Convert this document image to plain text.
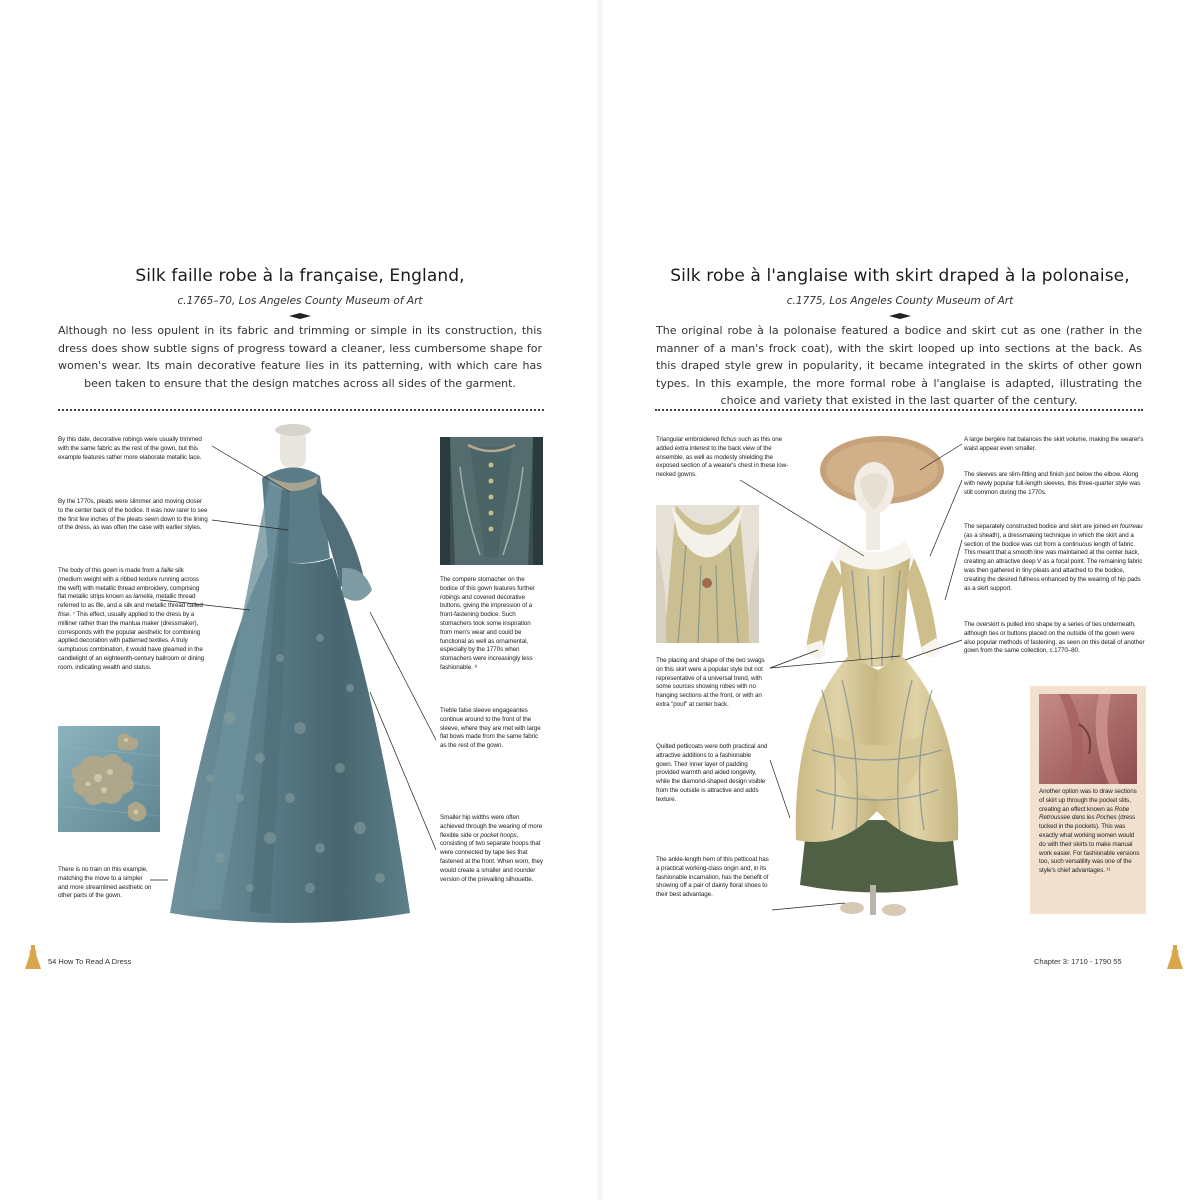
Silk faille robe à la française, England,
c.1765–70, Los Angeles County Museum of Art
Although no less opulent in its fabric and trimming or simple in its construction, this dress does show subtle signs of progress toward a cleaner, less cumbersome shape for women's wear. Its main decorative feature lies in its patterning, with which care has been taken to ensure that the design matches across all sides of the garment.
By this date, decorative robings were usually trimmed with the same fabric as the rest of the gown, but this example features rather more elaborate metallic lace.
By the 1770s, pleats were slimmer and moving closer to the center back of the bodice. It was now rarer to see the first few inches of the pleats sewn down to the lining of the dress, as was often the case with earlier styles.
The body of this gown is made from a faille silk (medium weight with a ribbed texture running across the weft) with metallic thread embroidery, comprising flat metallic strips known as lamella, metallic thread referred to as file, and a silk and metallic thread called frise. ⁷ This effect, usually applied to the dress by a milliner rather than the mantua maker (dressmaker), corresponds with the popular aesthetic for combining applied decoration with patterned textiles. A truly sumptuous combination, it would have gleamed in the candlelight of an eighteenth-century ballroom or dining room, indicating wealth and status.
There is no train on this example, matching the move to a simpler and more streamlined aesthetic on other parts of the gown.
The compere stomacher on the bodice of this gown features further robings and covered decorative buttons, giving the impression of a front-fastening bodice. Such stomachers took some inspiration from men's wear and could be functional as well as ornamental, especially by the 1770s when stomachers were increasingly less fashionable. ⁸
Treble false sleeve engageantes continue around to the front of the sleeve, where they are met with large flat bows made from the same fabric as the rest of the gown.
Smaller hip widths were often achieved through the wearing of more flexible side or pocket hoops, consisting of two separate hoops that were connected by tape ties that fastened at the front. When worn, they would create a smaller and rounder version of the prevailing silhouette.
54 How To Read A Dress
Silk robe à l'anglaise with skirt draped à la polonaise,
c.1775, Los Angeles County Museum of Art
The original robe à la polonaise featured a bodice and skirt cut as one (rather in the manner of a man's frock coat), with the skirt looped up into sections at the back. As this draped style grew in popularity, it became integrated in the skirts of other gown types. In this example, the more formal robe à l'anglaise is adapted, illustrating the choice and variety that existed in the last quarter of the century.
Triangular embroidered fichus such as this one added extra interest to the back view of the ensemble, as well as modesty shielding the exposed section of a wearer's chest in these low-necked gowns.
The placing and shape of the two swags on this skirt were a popular style but not representative of a universal trend, with some sources showing robes with no hanging sections at the front, or with an extra "pouf" at center back.
Quilted petticoats were both practical and attractive additions to a fashionable gown. Their inner layer of padding provided warmth and aided longevity, while the diamond-shaped design visible from the outside is attractive and adds texture.
The ankle-length hem of this petticoat has a practical working-class origin and, in its fashionable incarnation, has the benefit of showing off a pair of dainty floral shoes to their best advantage.
A large bergère hat balances the skirt volume, making the wearer's waist appear even smaller.
The sleeves are slim-fitting and finish just below the elbow. Along with newly popular full-length sleeves, this three-quarter style was still common during the 1770s.
The separately constructed bodice and skirt are joined en fourreau (as a sheath), a dressmaking technique in which the skirt and a section of the bodice was cut from a continuous length of fabric. This meant that a smooth line was maintained at the center back, creating an attractive deep V as a focal point. The remaining fabric was then gathered in tiny pleats and attached to the bodice, creating the desired fullness enhanced by the wearing of hip pads as a skirt support.
The overskirt is pulled into shape by a series of ties underneath, although ties or buttons placed on the outside of the gown were also popular methods of fastening, as seen on this detail of another gown from the same collection, c.1770–80.
Another option was to draw sections of skirt up through the pocket slits, creating an effect known as Robe Retroussee dans les Poches (dress tucked in the pockets). This was exactly what working women would do with their skirts to make manual work easier. For fashionable versions too, such versatility was one of the style's chief advantages. ¹¹
Chapter 3: 1710 - 1790 55
